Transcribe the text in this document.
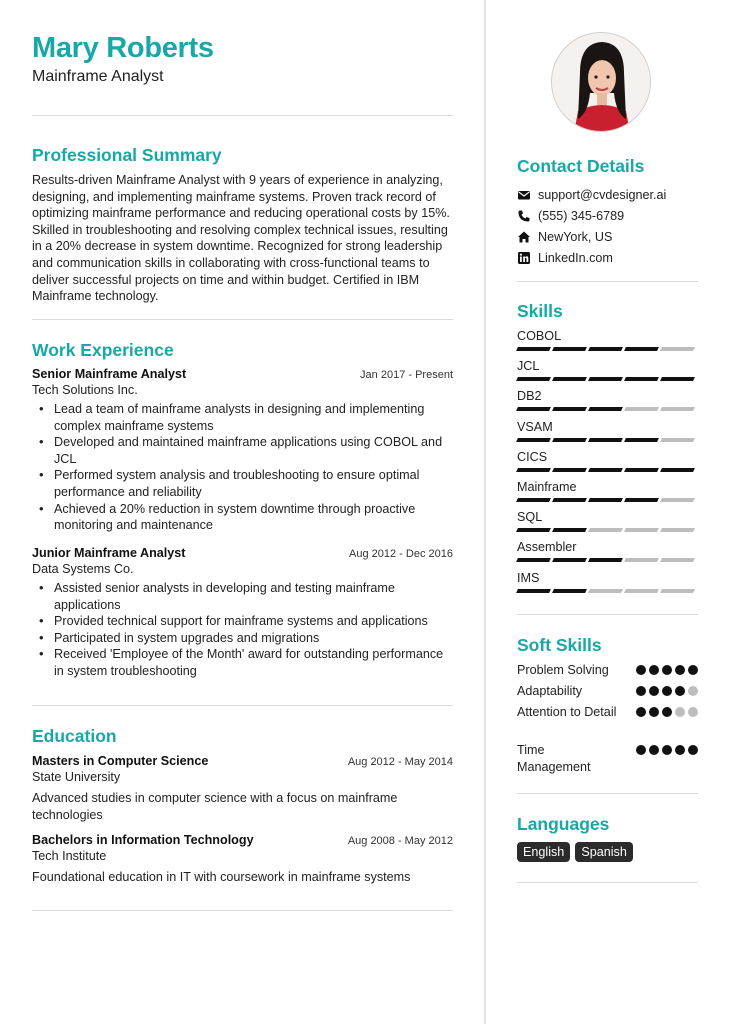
Mary Roberts
Mainframe Analyst
Professional Summary
Results-driven Mainframe Analyst with 9 years of experience in analyzing, designing, and implementing mainframe systems. Proven track record of optimizing mainframe performance and reducing operational costs by 15%. Skilled in troubleshooting and resolving complex technical issues, resulting in a 20% decrease in system downtime. Recognized for strong leadership and communication skills in collaborating with cross-functional teams to deliver successful projects on time and within budget. Certified in IBM Mainframe technology.
Work Experience
Senior Mainframe Analyst	Jan 2017 - Present
Tech Solutions Inc.
• Lead a team of mainframe analysts in designing and implementing complex mainframe systems
• Developed and maintained mainframe applications using COBOL and JCL
• Performed system analysis and troubleshooting to ensure optimal performance and reliability
• Achieved a 20% reduction in system downtime through proactive monitoring and maintenance
Junior Mainframe Analyst	Aug 2012 - Dec 2016
Data Systems Co.
• Assisted senior analysts in developing and testing mainframe applications
• Provided technical support for mainframe systems and applications
• Participated in system upgrades and migrations
• Received 'Employee of the Month' award for outstanding performance in system troubleshooting
Education
Masters in Computer Science	Aug 2012 - May 2014
State University
Advanced studies in computer science with a focus on mainframe technologies
Bachelors in Information Technology	Aug 2008 - May 2012
Tech Institute
Foundational education in IT with coursework in mainframe systems
Contact Details
support@cvdesigner.ai
(555) 345-6789
NewYork, US
LinkedIn.com
Skills
COBOL
JCL
DB2
VSAM
CICS
Mainframe
SQL
Assembler
IMS
Soft Skills
Problem Solving
Adaptability
Attention to Detail
Time Management
Languages
English	Spanish
